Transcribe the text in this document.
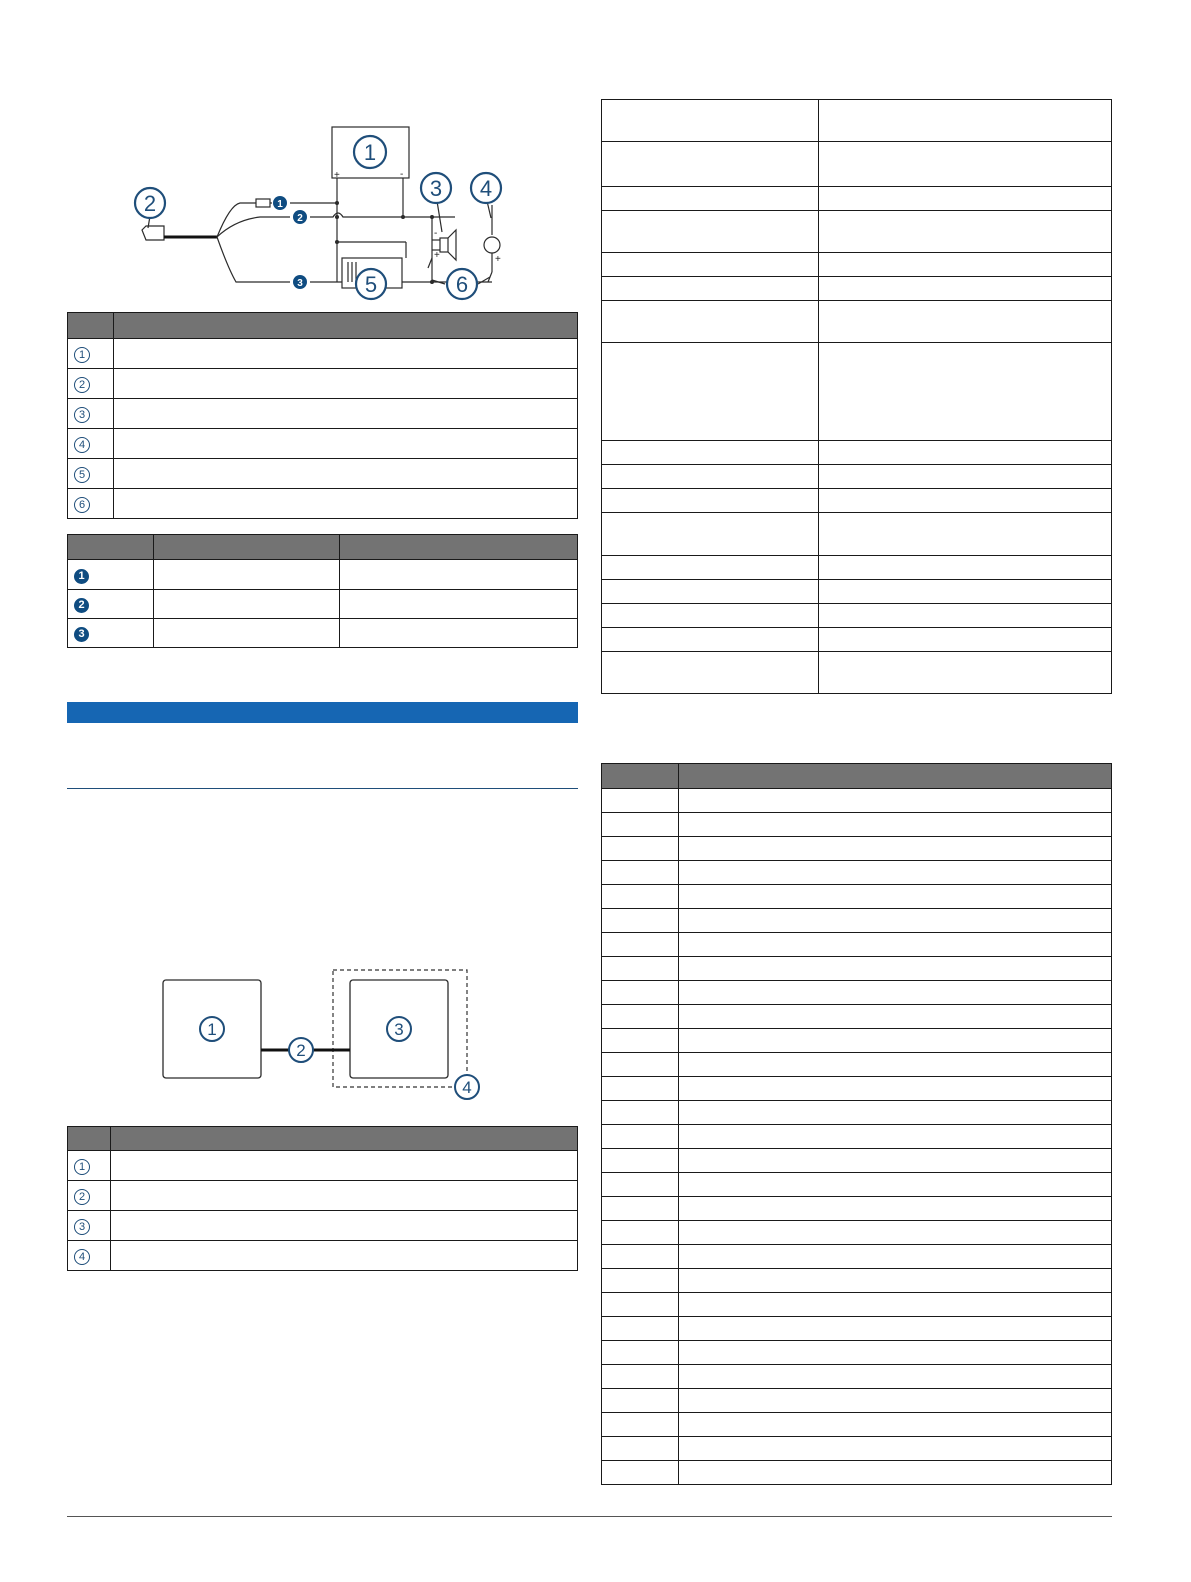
+	-
-
+	+
1
2
3 4
5	6
1
2
3

1	
2	
3	
4	
5	
6	

1		
2		
3		
1
2
3
4

1	
2	
3	
4	
